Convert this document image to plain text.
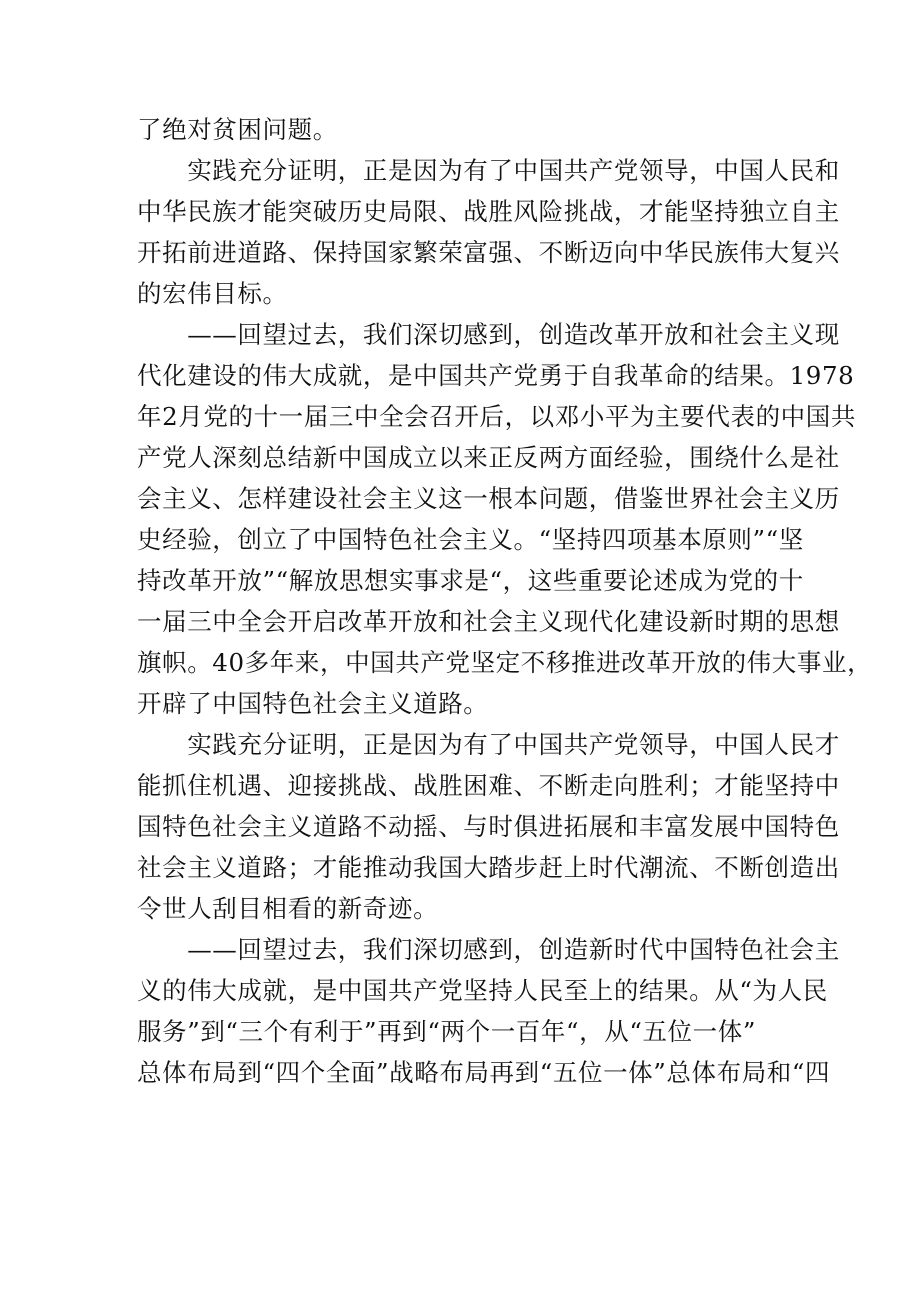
了绝对贫困问题。
　　实践充分证明，正是因为有了中国共产党领导，中国人民和
中华民族才能突破历史局限、战胜风险挑战，才能坚持独立自主
开拓前进道路、保持国家繁荣富强、不断迈向中华民族伟大复兴
的宏伟目标。
　　——回望过去，我们深切感到，创造改革开放和社会主义现
代化建设的伟大成就，是中国共产党勇于自我革命的结果。1978
年2月党的十一届三中全会召开后，以邓小平为主要代表的中国共
产党人深刻总结新中国成立以来正反两方面经验，围绕什么是社
会主义、怎样建设社会主义这一根本问题，借鉴世界社会主义历
史经验，创立了中国特色社会主义。“坚持四项基本原则”“坚
持改革开放”“解放思想实事求是“，这些重要论述成为党的十
一届三中全会开启改革开放和社会主义现代化建设新时期的思想
旗帜。40多年来，中国共产党坚定不移推进改革开放的伟大事业，
开辟了中国特色社会主义道路。
　　实践充分证明，正是因为有了中国共产党领导，中国人民才
能抓住机遇、迎接挑战、战胜困难、不断走向胜利；才能坚持中
国特色社会主义道路不动摇、与时俱进拓展和丰富发展中国特色
社会主义道路；才能推动我国大踏步赶上时代潮流、不断创造出
令世人刮目相看的新奇迹。
　　——回望过去，我们深切感到，创造新时代中国特色社会主
义的伟大成就，是中国共产党坚持人民至上的结果。从“为人民
服务”到“三个有利于”再到“两个一百年“，从“五位一体”
总体布局到“四个全面”战略布局再到“五位一体”总体布局和“四
